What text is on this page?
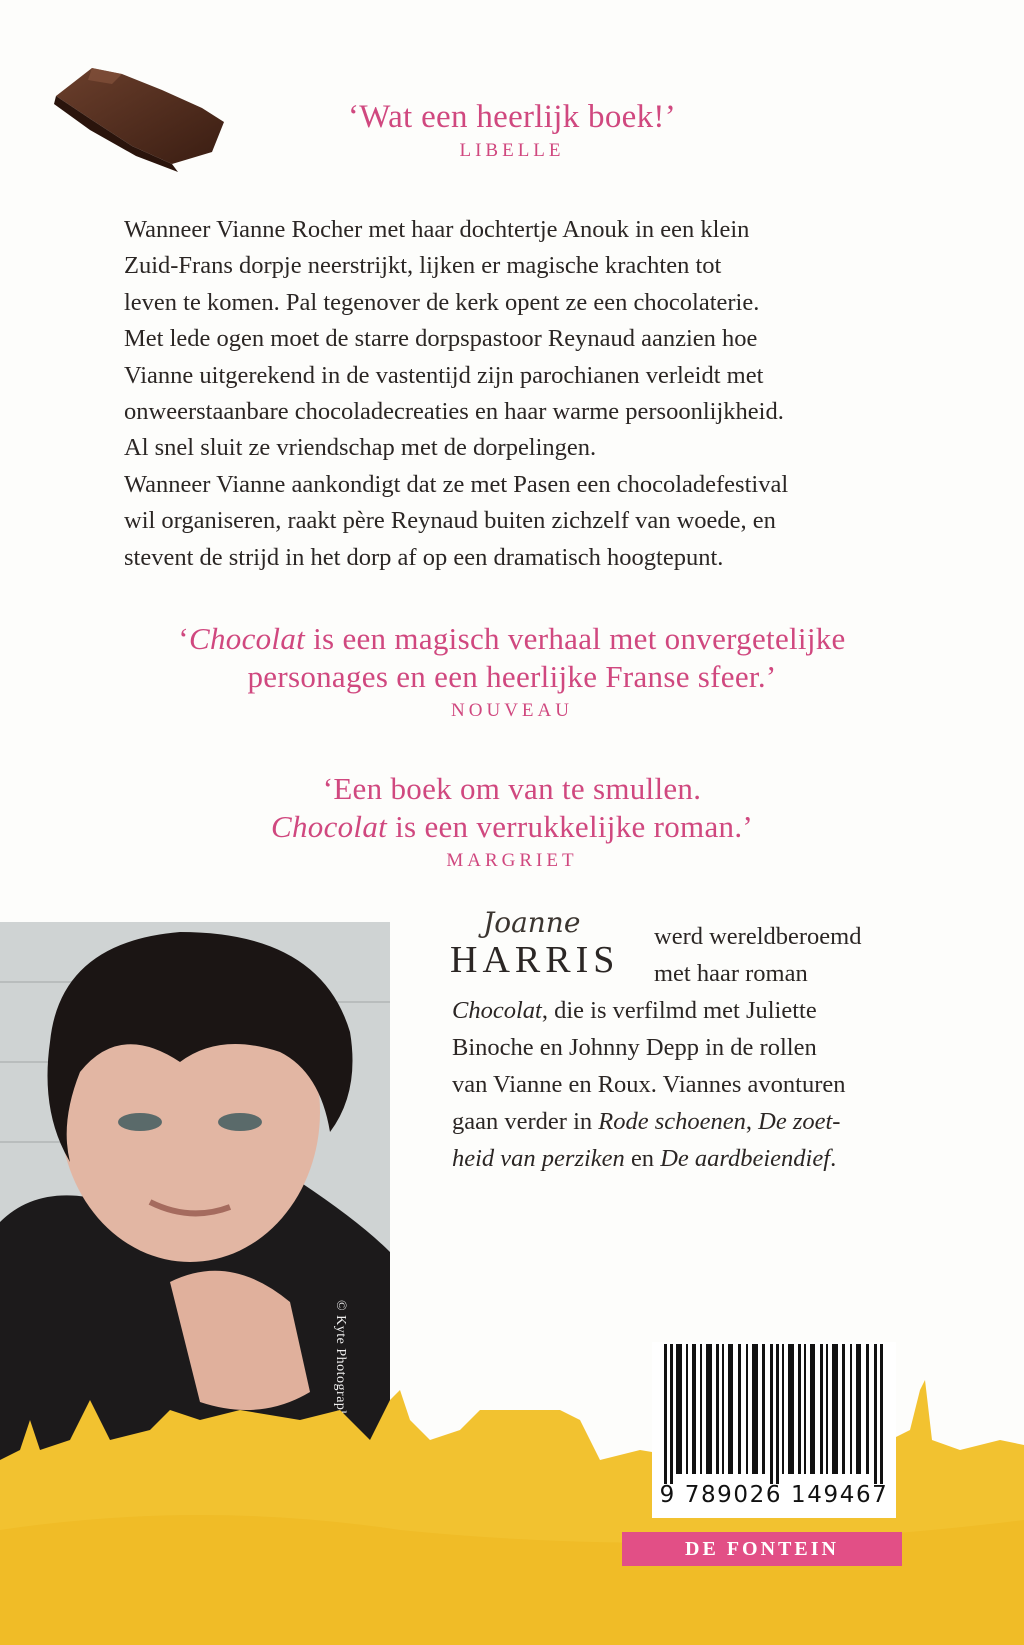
‘Wat een heerlijk boek!’
LIBELLE

Wanneer Vianne Rocher met haar dochtertje Anouk in een klein

Zuid-Frans dorpje neerstrijkt, lijken er magische krachten tot

leven te komen. Pal tegenover de kerk opent ze een chocolaterie.

Met lede ogen moet de starre dorpspastoor Reynaud aanzien hoe

Vianne uitgerekend in de vastentijd zijn parochianen verleidt met

onweerstaanbare chocoladecreaties en haar warme persoonlijkheid.

Al snel sluit ze vriendschap met de dorpelingen.

Wanneer Vianne aankondigt dat ze met Pasen een chocoladefestival

wil organiseren, raakt père Reynaud buiten zichzelf van woede, en

stevent de strijd in het dorp af op een dramatisch hoogtepunt.

‘Chocolat is een magisch verhaal met onvergetelijke
personages en een heerlijke Franse sfeer.’
NOUVEAU
‘Een boek om van te smullen.
Chocolat is een verrukkelijke roman.’
MARGRIET
© Kyte Photography
Joanne
HARRIS

werd wereldberoemd

met haar roman

Chocolat, die is verfilmd met Juliette

Binoche en Johnny Depp in de rollen

van Vianne en Roux. Viannes avonturen

gaan verder in Rode schoenen, De zoet-

heid van perziken en De aardbeiendief.

9 789026 149467
DE FONTEIN
